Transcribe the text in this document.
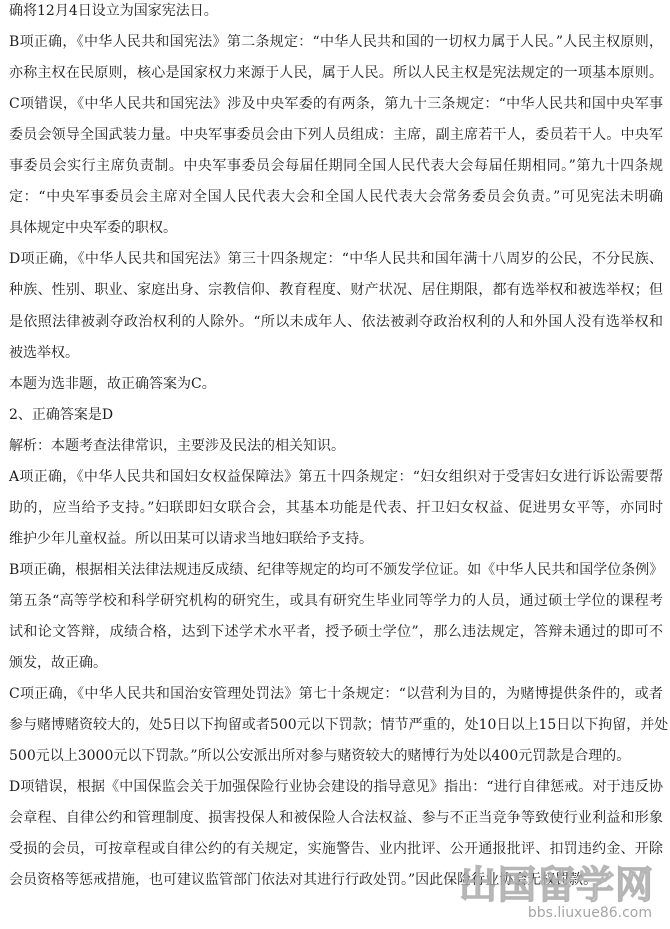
确将12月4日设立为国家宪法日。
B项正确，《中华人民共和国宪法》第二条规定：“中华人民共和国的一切权力属于人民。”人民主权原则，
亦称主权在民原则，核心是国家权力来源于人民，属于人民。所以人民主权是宪法规定的一项基本原则。
C项错误，《中华人民共和国宪法》涉及中央军委的有两条，第九十三条规定：“中华人民共和国中央军事
委员会领导全国武装力量。中央军事委员会由下列人员组成：主席，副主席若干人，委员若干人。中央军
事委员会实行主席负责制。中央军事委员会每届任期同全国人民代表大会每届任期相同。”第九十四条规
定：“中央军事委员会主席对全国人民代表大会和全国人民代表大会常务委员会负责。”可见宪法未明确
具体规定中央军委的职权。
D项正确，《中华人民共和国宪法》第三十四条规定：“中华人民共和国年满十八周岁的公民，不分民族、
种族、性别、职业、家庭出身、宗教信仰、教育程度、财产状况、居住期限，都有选举权和被选举权；但
是依照法律被剥夺政治权利的人除外。“所以未成年人、依法被剥夺政治权利的人和外国人没有选举权和
被选举权。
本题为选非题，故正确答案为C。
2、正确答案是D
解析：本题考查法律常识，主要涉及民法的相关知识。
A项正确，《中华人民共和国妇女权益保障法》第五十四条规定：“妇女组织对于受害妇女进行诉讼需要帮
助的，应当给予支持。”妇联即妇女联合会，其基本功能是代表、扞卫妇女权益、促进男女平等，亦同时
维护少年儿童权益。所以田某可以请求当地妇联给予支持。
B项正确，根据相关法律法规违反成绩、纪律等规定的均可不颁发学位证。如《中华人民共和国学位条例》
第五条“高等学校和科学研究机构的研究生，或具有研究生毕业同等学力的人员，通过硕士学位的课程考
试和论文答辩，成绩合格，达到下述学术水平者，授予硕士学位”，那么违法规定，答辩未通过的即可不
颁发，故正确。
C项正确，《中华人民共和国治安管理处罚法》第七十条规定：“以营利为目的，为赌博提供条件的，或者
参与赌博赌资较大的，处5日以下拘留或者500元以下罚款；情节严重的，处10日以上15日以下拘留，并处
500元以上3000元以下罚款。”所以公安派出所对参与赌资较大的赌博行为处以400元罚款是合理的。
D项错误，根据《中国保监会关于加强保险行业协会建设的指导意见》指出：“进行自律惩戒。对于违反协
会章程、自律公约和管理制度、损害投保人和被保险人合法权益、参与不正当竞争等致使行业利益和形象
受损的会员，可按章程或自律公约的有关规定，实施警告、业内批评、公开通报批评、扣罚违约金、开除
会员资格等惩戒措施，也可建议监管部门依法对其进行行政处罚。”因此保险行业协会无权罚款。
出国留学网
bbs.liuxue86.com
